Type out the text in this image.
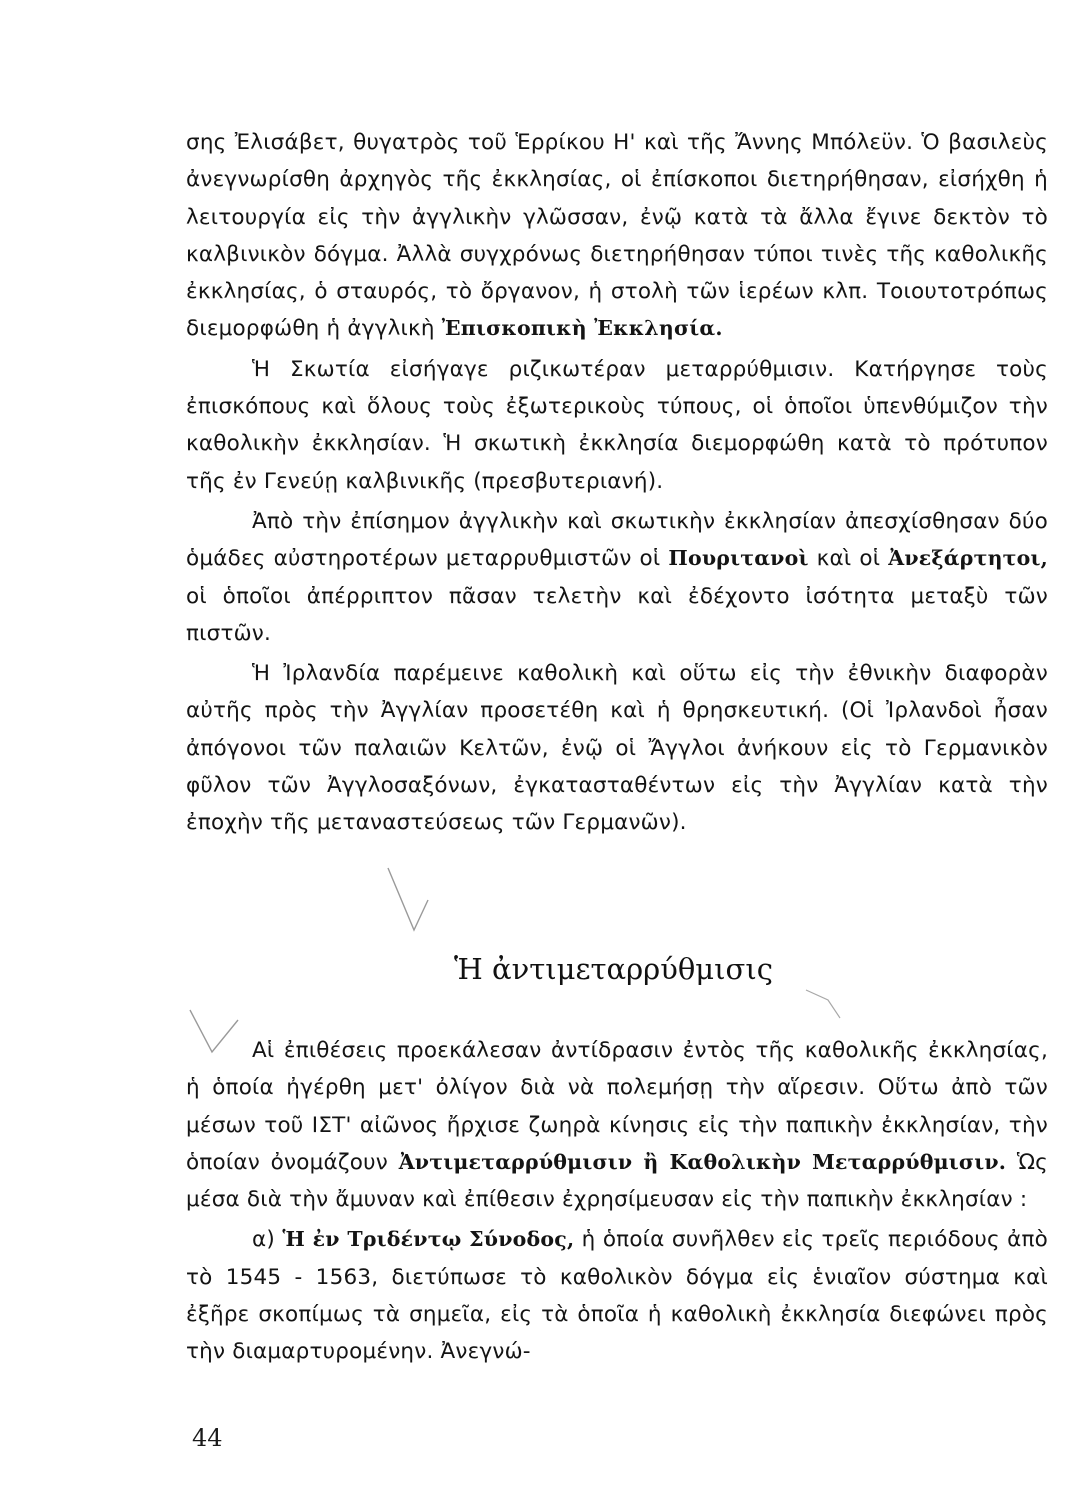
σης Ἐλισάβετ, θυγατρὸς τοῦ Ἑρρίκου Η' καὶ τῆς Ἄννης Μπόλεϋν. Ὁ βασιλεὺς ἀνεγνωρίσθη ἀρχηγὸς τῆς ἐκκλησίας, οἱ ἐπίσκοποι διετηρήθησαν, εἰσήχθη ἡ λειτουργία εἰς τὴν ἀγγλικὴν γλῶσσαν, ἐνῷ κατὰ τὰ ἄλλα ἔγινε δεκτὸν τὸ καλβινικὸν δόγμα. Ἀλλὰ συγχρόνως διετηρήθησαν τύποι τινὲς τῆς καθολικῆς ἐκκλησίας, ὁ σταυρός, τὸ ὄργανον, ἡ στολὴ τῶν ἱερέων κλπ. Τοιουτοτρόπως διεμορφώθη ἡ ἀγγλικὴ Ἐπισκοπικὴ Ἐκκλησία.

Ἡ Σκωτία εἰσήγαγε ριζικωτέραν μεταρρύθμισιν. Κατήργησε τοὺς ἐπισκόπους καὶ ὅλους τοὺς ἐξωτερικοὺς τύπους, οἱ ὁποῖοι ὑπενθύμιζον τὴν καθολικὴν ἐκκλησίαν. Ἡ σκωτικὴ ἐκκλησία διεμορφώθη κατὰ τὸ πρότυπον τῆς ἐν Γενεύῃ καλβινικῆς (πρεσβυτεριανή).

Ἀπὸ τὴν ἐπίσημον ἀγγλικὴν καὶ σκωτικὴν ἐκκλησίαν ἀπεσχίσθησαν δύο ὁμάδες αὐστηροτέρων μεταρρυθμιστῶν οἱ Πουριτανοὶ καὶ οἱ Ἀνεξάρτητοι, οἱ ὁποῖοι ἀπέρριπτον πᾶσαν τελετὴν καὶ ἐδέχοντο ἰσότητα μεταξὺ τῶν πιστῶν.

Ἡ Ἰρλανδία παρέμεινε καθολικὴ καὶ οὕτω εἰς τὴν ἐθνικὴν διαφορὰν αὐτῆς πρὸς τὴν Ἀγγλίαν προσετέθη καὶ ἡ θρησκευτική. (Οἱ Ἰρλανδοὶ ἦσαν ἀπόγονοι τῶν παλαιῶν Κελτῶν, ἐνῷ οἱ Ἄγγλοι ἀνήκουν εἰς τὸ Γερμανικὸν φῦλον τῶν Ἀγγλοσαξόνων, ἐγκατασταθέντων εἰς τὴν Ἀγγλίαν κατὰ τὴν ἐποχὴν τῆς μεταναστεύσεως τῶν Γερμανῶν).

Ἡ ἀντιμεταρρύθμισις

Αἱ ἐπιθέσεις προεκάλεσαν ἀντίδρασιν ἐντὸς τῆς καθολικῆς ἐκκλησίας, ἡ ὁποία ἠγέρθη μετ' ὀλίγον διὰ νὰ πολεμήσῃ τὴν αἵρεσιν. Οὕτω ἀπὸ τῶν μέσων τοῦ ΙΣΤ' αἰῶνος ἤρχισε ζωηρὰ κίνησις εἰς τὴν παπικὴν ἐκκλησίαν, τὴν ὁποίαν ὀνομάζουν Ἀντιμεταρρύθμισιν ἢ Καθολικὴν Μεταρρύθμισιν. Ὡς μέσα διὰ τὴν ἄμυναν καὶ ἐπίθεσιν ἐχρησίμευσαν εἰς τὴν παπικὴν ἐκκλησίαν :

α) Ἡ ἐν Τριδέντῳ Σύνοδος, ἡ ὁποία συνῆλθεν εἰς τρεῖς περιόδους ἀπὸ τὸ 1545 - 1563, διετύπωσε τὸ καθολικὸν δόγμα εἰς ἑνιαῖον σύστημα καὶ ἐξῆρε σκοπίμως τὰ σημεῖα, εἰς τὰ ὁποῖα ἡ καθολικὴ ἐκκλησία διεφώνει πρὸς τὴν διαμαρτυρομένην. Ἀνεγνώ-

44
